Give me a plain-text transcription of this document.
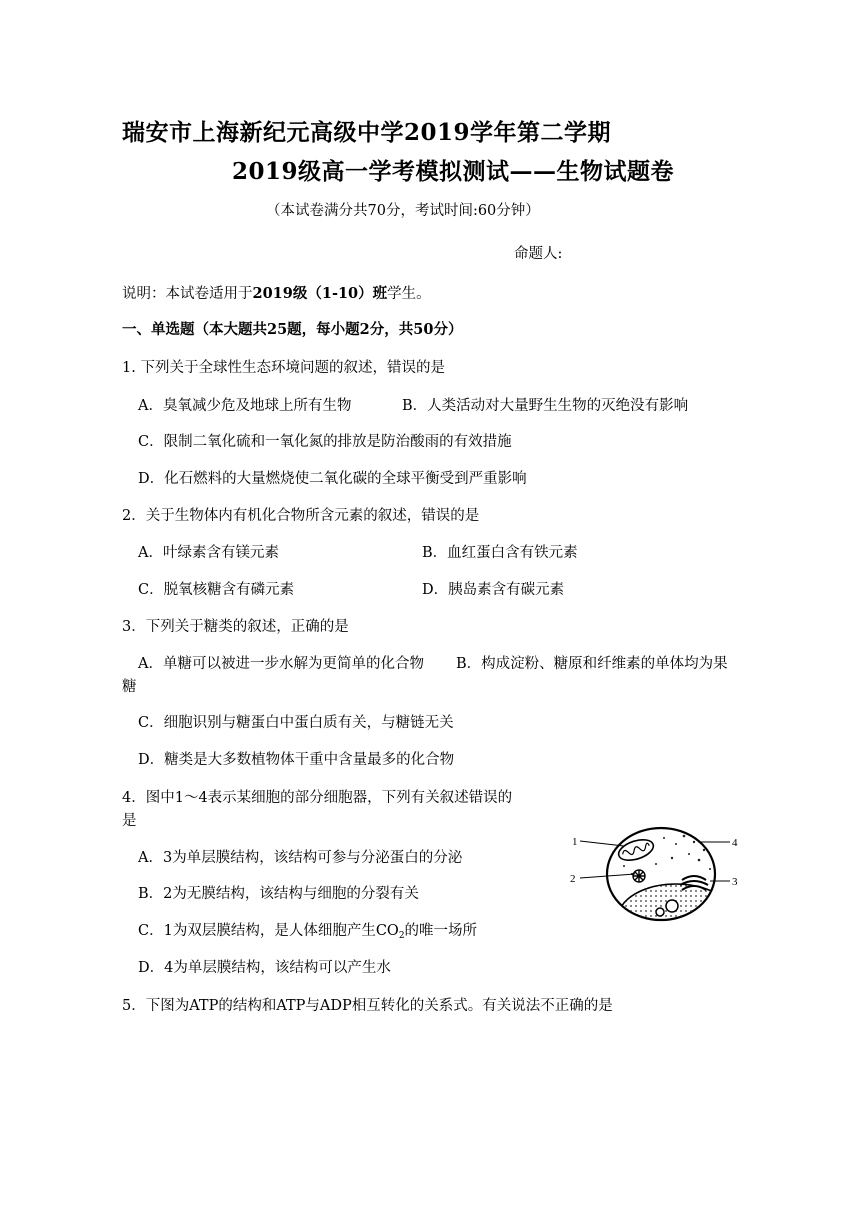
瑞安市上海新纪元高级中学2019学年第二学期
2019级高一学考模拟测试——生物试题卷
（本试卷满分共70分，考试时间:60分钟）
命题人:
说明：本试卷适用于2019级（1-10）班学生。
一、单选题（本大题共25题，每小题2分，共50分）
1. 下列关于全球性生态环境问题的叙述，错误的是
A．臭氧减少危及地球上所有生物	B．人类活动对大量野生生物的灭绝没有影响
C．限制二氧化硫和一氧化氮的排放是防治酸雨的有效措施
D．化石燃料的大量燃烧使二氧化碳的全球平衡受到严重影响
2．关于生物体内有机化合物所含元素的叙述，错误的是
A．叶绿素含有镁元素	B．血红蛋白含有铁元素
C．脱氧核糖含有磷元素	D．胰岛素含有碳元素
3．下列关于糖类的叙述，正确的是
A．单糖可以被进一步水解为更简单的化合物 B．构成淀粉、糖原和纤维素的单体均为果
糖
C．细胞识别与糖蛋白中蛋白质有关，与糖链无关
D．糖类是大多数植物体干重中含量最多的化合物
4．图中1～4表示某细胞的部分细胞器，下列有关叙述错误的
是
A．3为单层膜结构，该结构可参与分泌蛋白的分泌
B．2为无膜结构，该结构与细胞的分裂有关
C．1为双层膜结构，是人体细胞产生$CO_2$的唯一场所
D．4为单层膜结构，该结构可以产生水
1
2	3
4
5．下图为ATP的结构和ATP与ADP相互转化的关系式。有关说法不正确的是
